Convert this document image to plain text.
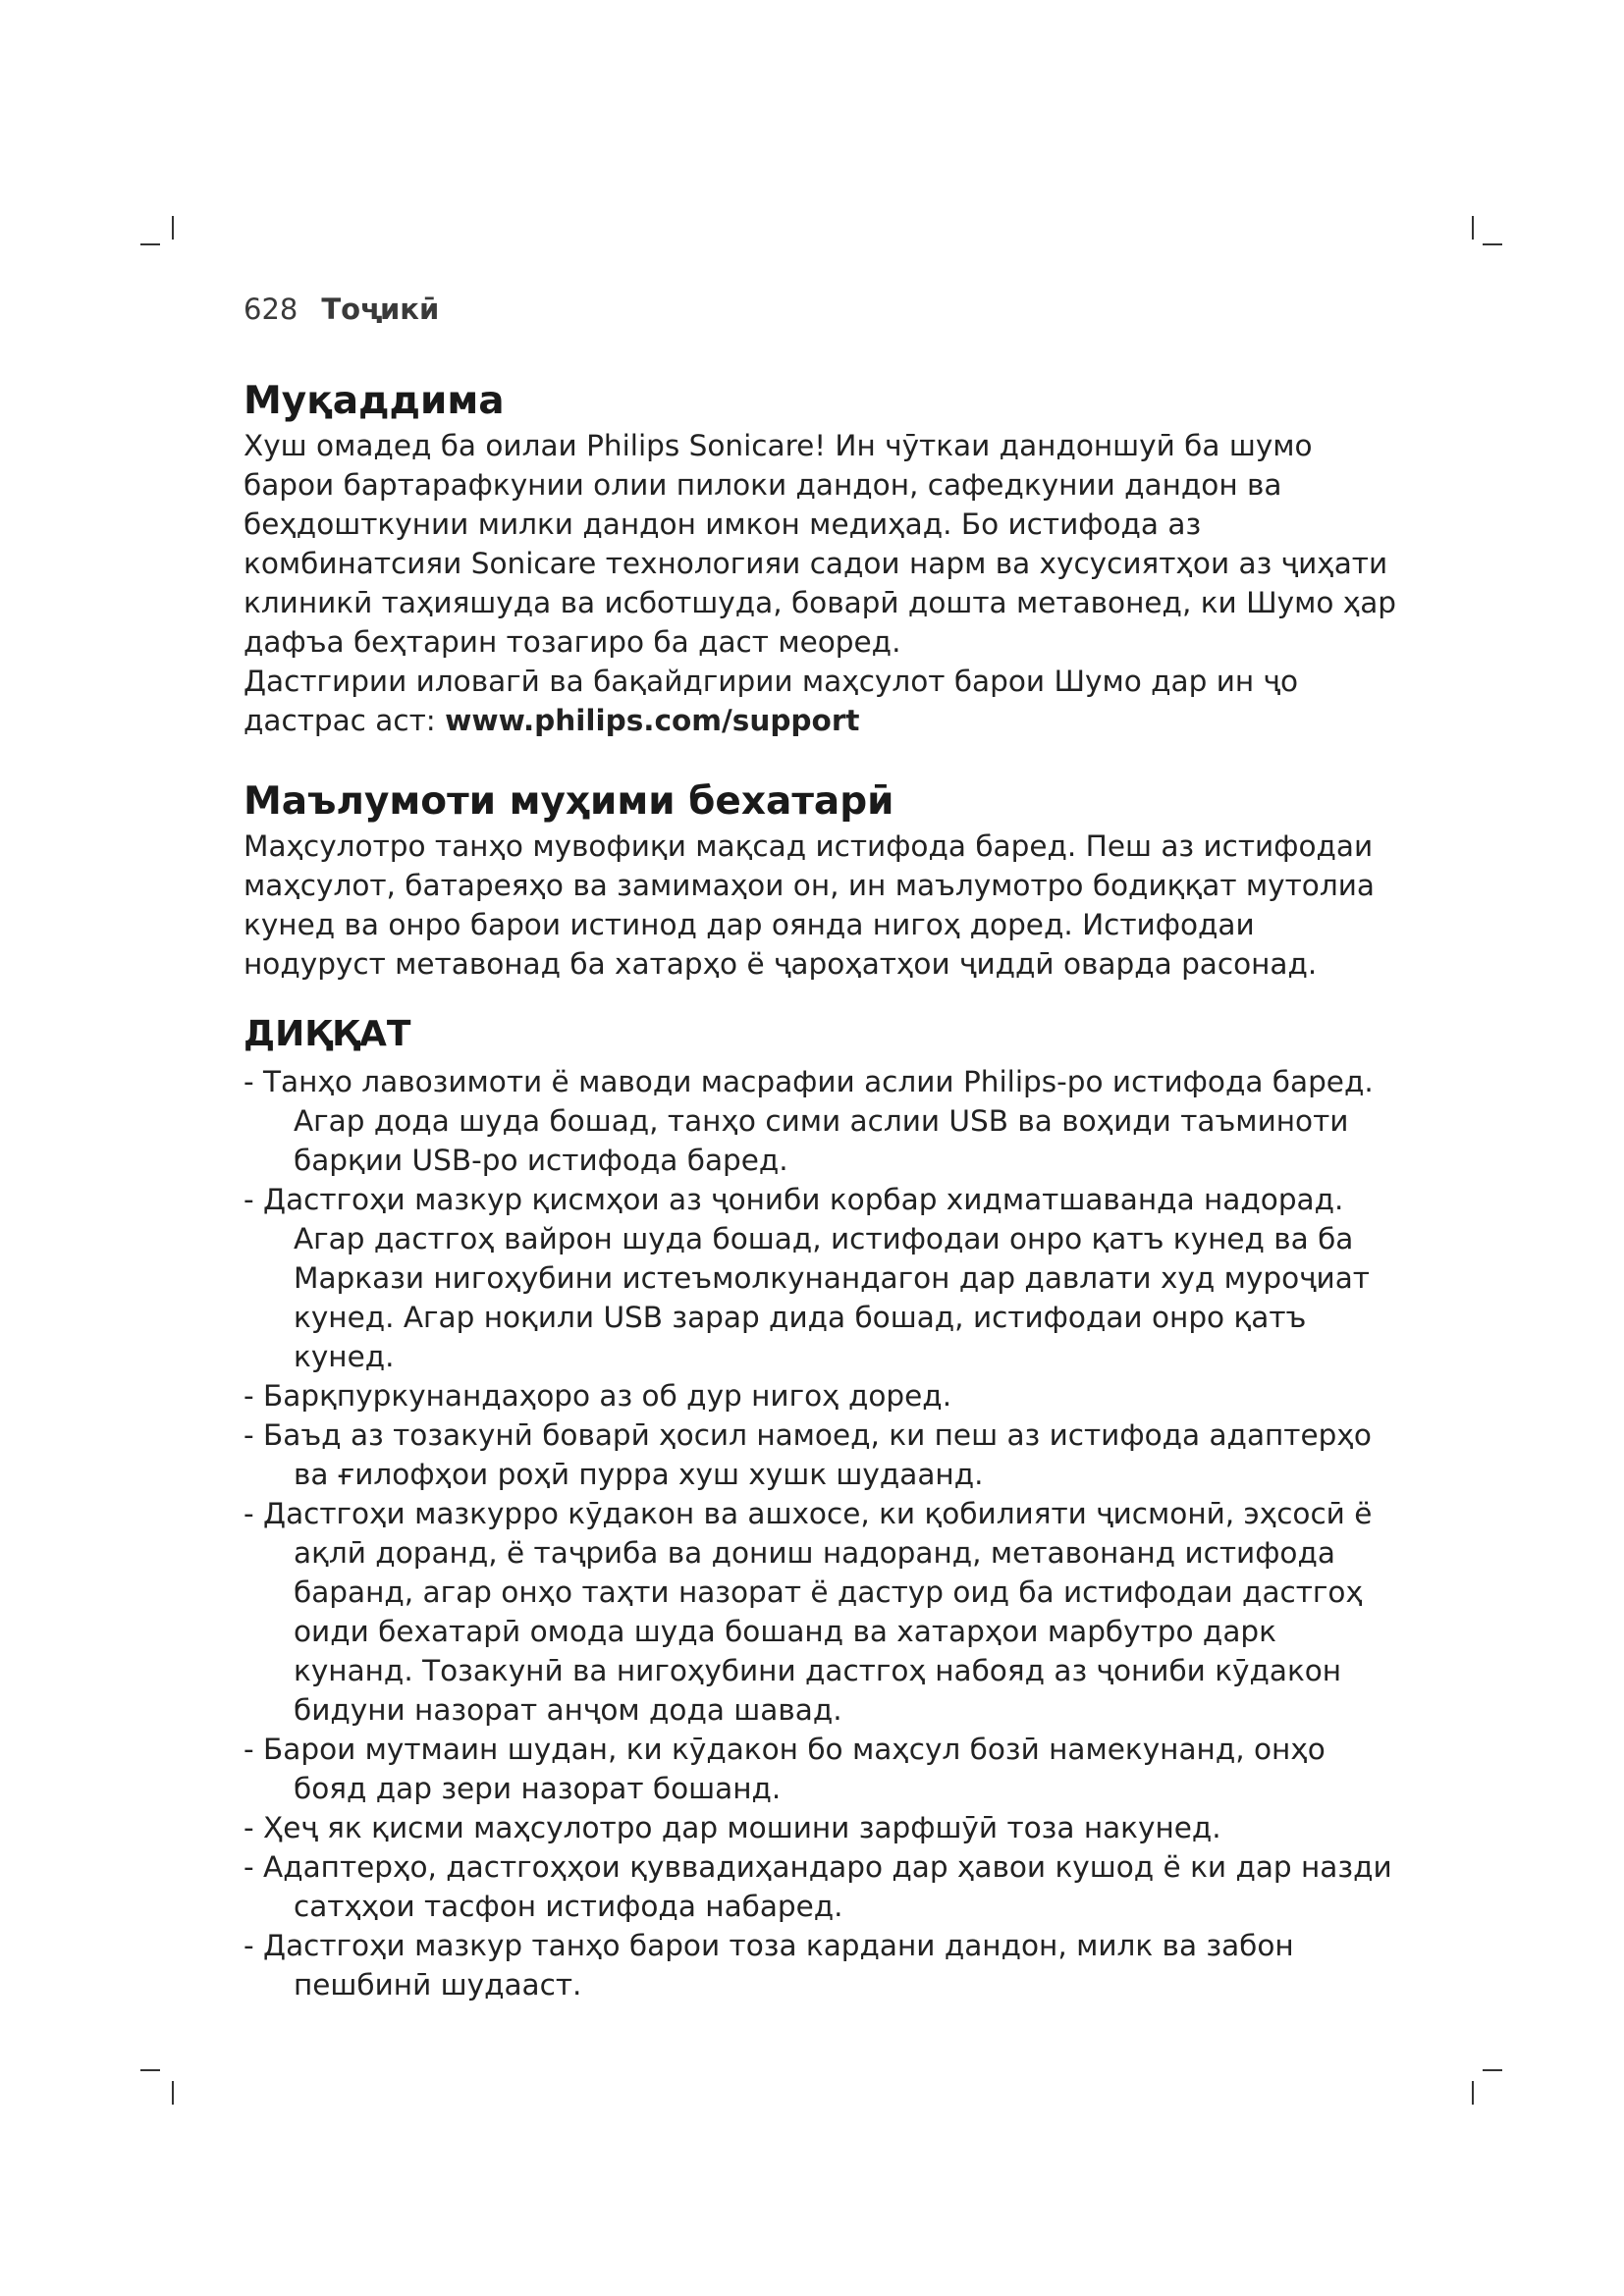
628 Тоҷикӣ
Муқаддима

Хуш омадед ба оилаи Philips Sonicare! Ин чӯткаи дандоншуӣ ба шумо барои бартарафкунии олии пилоки дандон, сафедкунии дандон ва беҳдошткунии милки дандон имкон медиҳад. Бо истифода аз комбинатсияи Sonicare технологияи садои нарм ва хусусиятҳои аз ҷиҳати клиникӣ таҳияшуда ва исботшуда, боварӣ дошта метавонед, ки Шумо ҳар дафъа беҳтарин тозагиро ба даст меоред.

Дастгирии иловагӣ ва бақайдгирии маҳсулот барои Шумо дар ин ҷо дастрас аст: www.philips.com/support

Маълумоти муҳими бехатарӣ

Маҳсулотро танҳо мувофиқи мақсад истифода баред. Пеш аз истифодаи маҳсулот, батареяҳо ва замимаҳои он, ин маълумотро бодиққат мутолиа кунед ва онро барои истинод дар оянда нигоҳ доред. Истифодаи нодуруст метавонад ба хатарҳо ё ҷароҳатҳои ҷиддӣ оварда расонад.

ДИҚҚАТ
- Танҳо лавозимоти ё маводи масрафии аслии Philips-ро истифода баред. Агар дода шуда бошад, танҳо сими аслии USB ва воҳиди таъминоти барқии USB-ро истифода баред.
- Дастгоҳи мазкур қисмҳои аз ҷониби корбар хидматшаванда надорад. Агар дастгоҳ вайрон шуда бошад, истифодаи онро қатъ кунед ва ба Маркази нигоҳубини истеъмолкунандагон дар давлати худ муроҷиат кунед. Агар ноқили USB зарар дида бошад, истифодаи онро қатъ кунед.
- Барқпуркунандаҳоро аз об дур нигоҳ доред.
- Баъд аз тозакунӣ боварӣ ҳосил намоед, ки пеш аз истифода адаптерҳо ва ғилофҳои роҳӣ пурра хуш хушк шудаанд.
- Дастгоҳи мазкурро кӯдакон ва ашхосе, ки қобилияти ҷисмонӣ, эҳсосӣ ё ақлӣ доранд, ё таҷриба ва дониш надоранд, метавонанд истифода баранд, агар онҳо таҳти назорат ё дастур оид ба истифодаи дастгоҳ оиди бехатарӣ омода шуда бошанд ва хатарҳои марбутро дарк кунанд. Тозакунӣ ва нигоҳубини дастгоҳ набояд аз ҷониби кӯдакон бидуни назорат анҷом дода шавад.
- Барои мутмаин шудан, ки кӯдакон бо маҳсул бозӣ намекунанд, онҳо бояд дар зери назорат бошанд.
- Ҳеҷ як қисми маҳсулотро дар мошини зарфшӯӣ тоза накунед.
- Адаптерҳо, дастгоҳҳои қуввадиҳандаро дар ҳавои кушод ё ки дар назди сатҳҳои тасфон истифода набаред.
- Дастгоҳи мазкур танҳо барои тоза кардани дандон, милк ва забон пешбинӣ шудааст.
